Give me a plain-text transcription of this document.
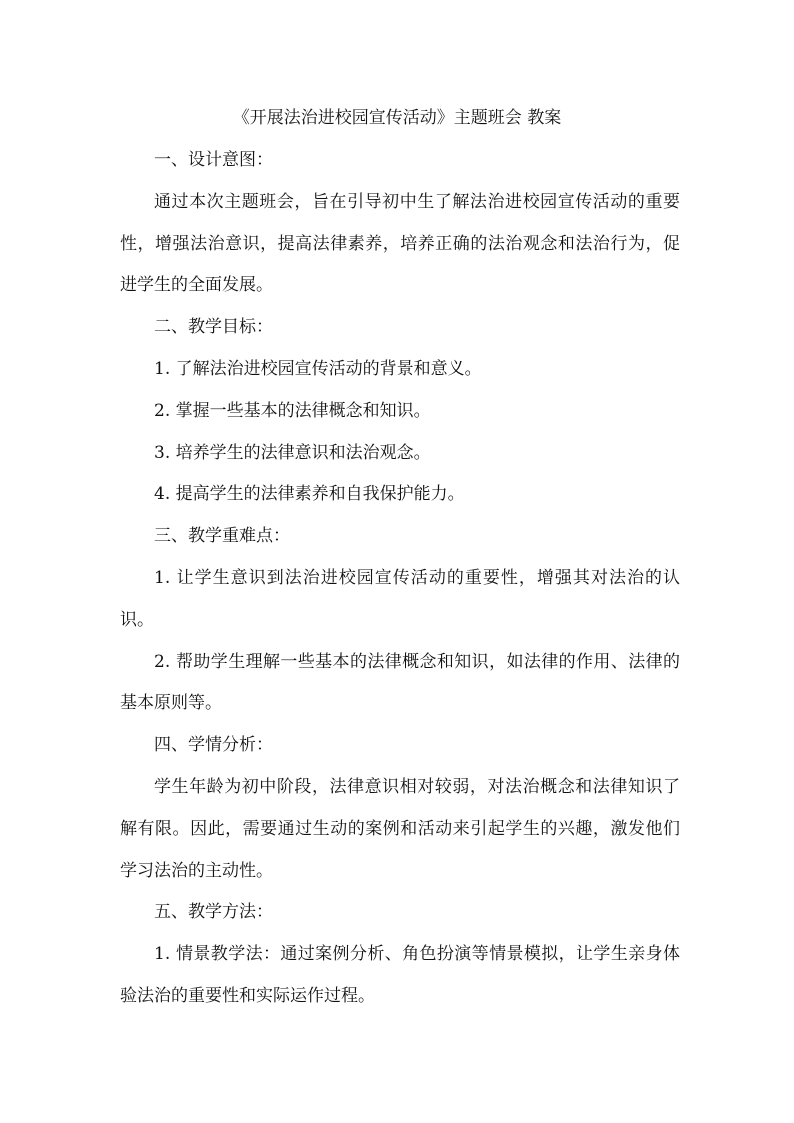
《开展法治进校园宣传活动》主题班会 教案

一、设计意图：

通过本次主题班会，旨在引导初中生了解法治进校园宣传活动的重要性，增强法治意识，提高法律素养，培养正确的法治观念和法治行为，促进学生的全面发展。

二、教学目标：

1. 了解法治进校园宣传活动的背景和意义。

2. 掌握一些基本的法律概念和知识。

3. 培养学生的法律意识和法治观念。

4. 提高学生的法律素养和自我保护能力。

三、教学重难点：

1. 让学生意识到法治进校园宣传活动的重要性，增强其对法治的认识。

2. 帮助学生理解一些基本的法律概念和知识，如法律的作用、法律的基本原则等。

四、学情分析：

学生年龄为初中阶段，法律意识相对较弱，对法治概念和法律知识了解有限。因此，需要通过生动的案例和活动来引起学生的兴趣，激发他们学习法治的主动性。

五、教学方法：

1. 情景教学法：通过案例分析、角色扮演等情景模拟，让学生亲身体验法治的重要性和实际运作过程。
